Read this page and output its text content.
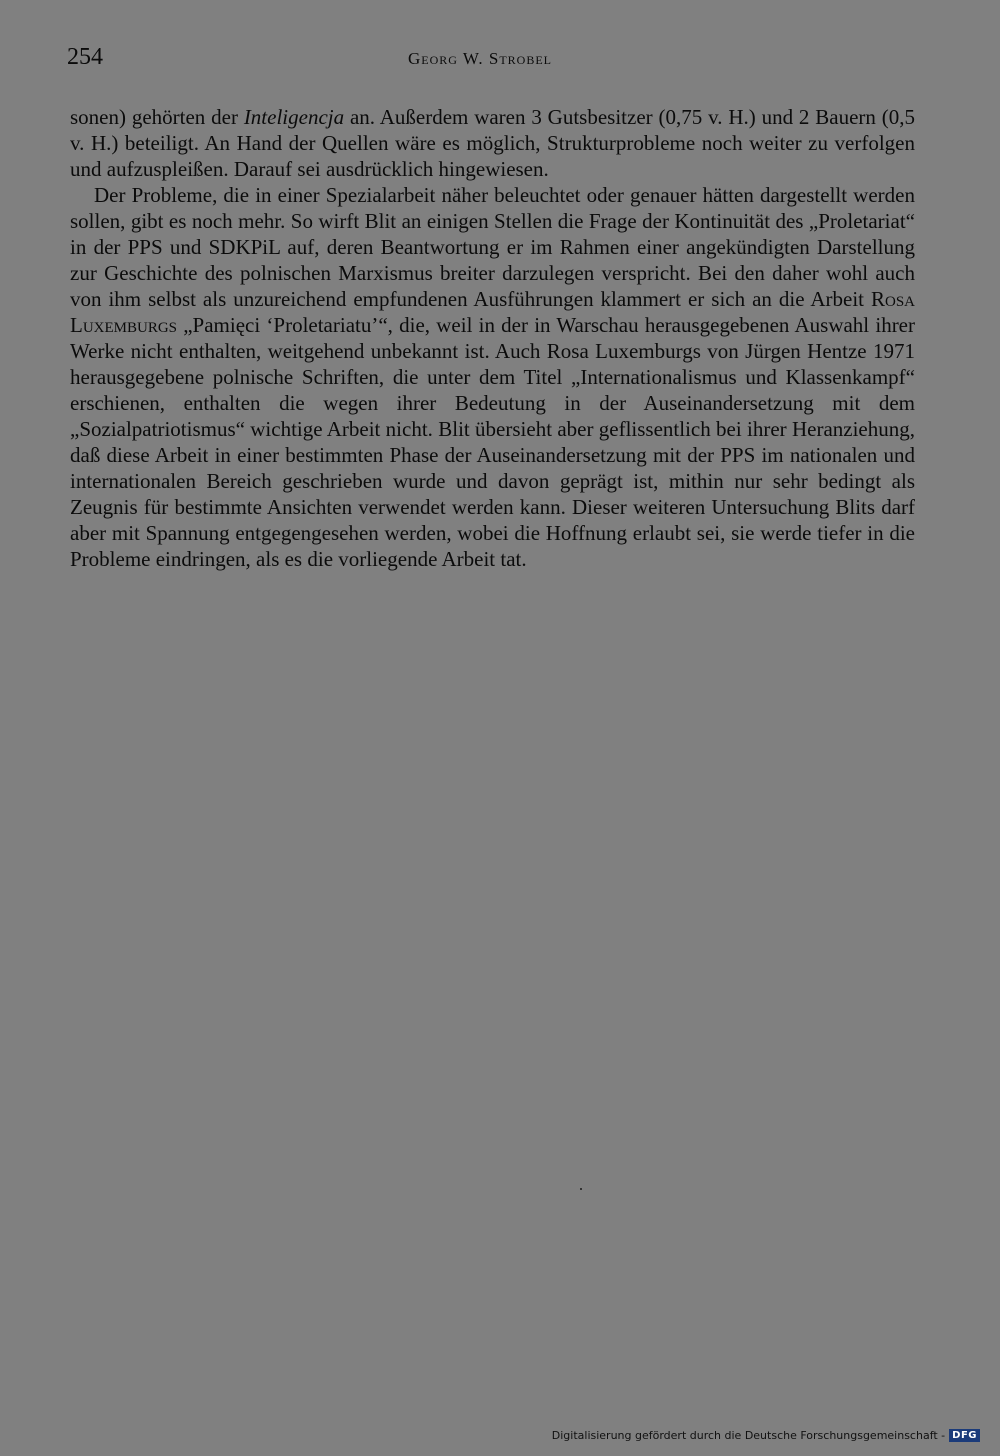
254	Georg W. Strobel

sonen) gehörten der Inteligencja an. Außerdem waren 3 Gutsbesitzer (0,75 v. H.) und 2 Bauern (0,5 v. H.) beteiligt. An Hand der Quellen wäre es möglich, Strukturprobleme noch weiter zu verfolgen und aufzuspleißen. Darauf sei ausdrücklich hingewiesen.

Der Probleme, die in einer Spezialarbeit näher beleuchtet oder genauer hätten dargestellt werden sollen, gibt es noch mehr. So wirft Blit an einigen Stellen die Frage der Kontinuität des „Proletariat“ in der PPS und SDKPiL auf, deren Beantwortung er im Rahmen einer angekündigten Darstellung zur Geschichte des polnischen Marxismus breiter darzulegen verspricht. Bei den daher wohl auch von ihm selbst als unzureichend empfundenen Ausführungen klammert er sich an die Arbeit Rosa Luxemburgs „Pamięci ‘Proletariatu’“, die, weil in der in Warschau herausgegebenen Auswahl ihrer Werke nicht enthalten, weitgehend unbekannt ist. Auch Rosa Luxemburgs von Jürgen Hentze 1971 herausgegebene polnische Schriften, die unter dem Titel „Internationalismus und Klassenkampf“ erschienen, enthalten die wegen ihrer Bedeutung in der Auseinandersetzung mit dem „Sozialpatriotismus“ wichtige Arbeit nicht. Blit übersieht aber geflissentlich bei ihrer Heranziehung, daß diese Arbeit in einer bestimmten Phase der Auseinandersetzung mit der PPS im nationalen und internationalen Bereich geschrieben wurde und davon geprägt ist, mithin nur sehr bedingt als Zeugnis für bestimmte Ansichten verwendet werden kann. Dieser weiteren Untersuchung Blits darf aber mit Spannung entgegengesehen werden, wobei die Hoffnung erlaubt sei, sie werde tiefer in die Probleme eindringen, als es die vorliegende Arbeit tat.

Digitalisierung gefördert durch die Deutsche Forschungsgemeinschaft - DFG
